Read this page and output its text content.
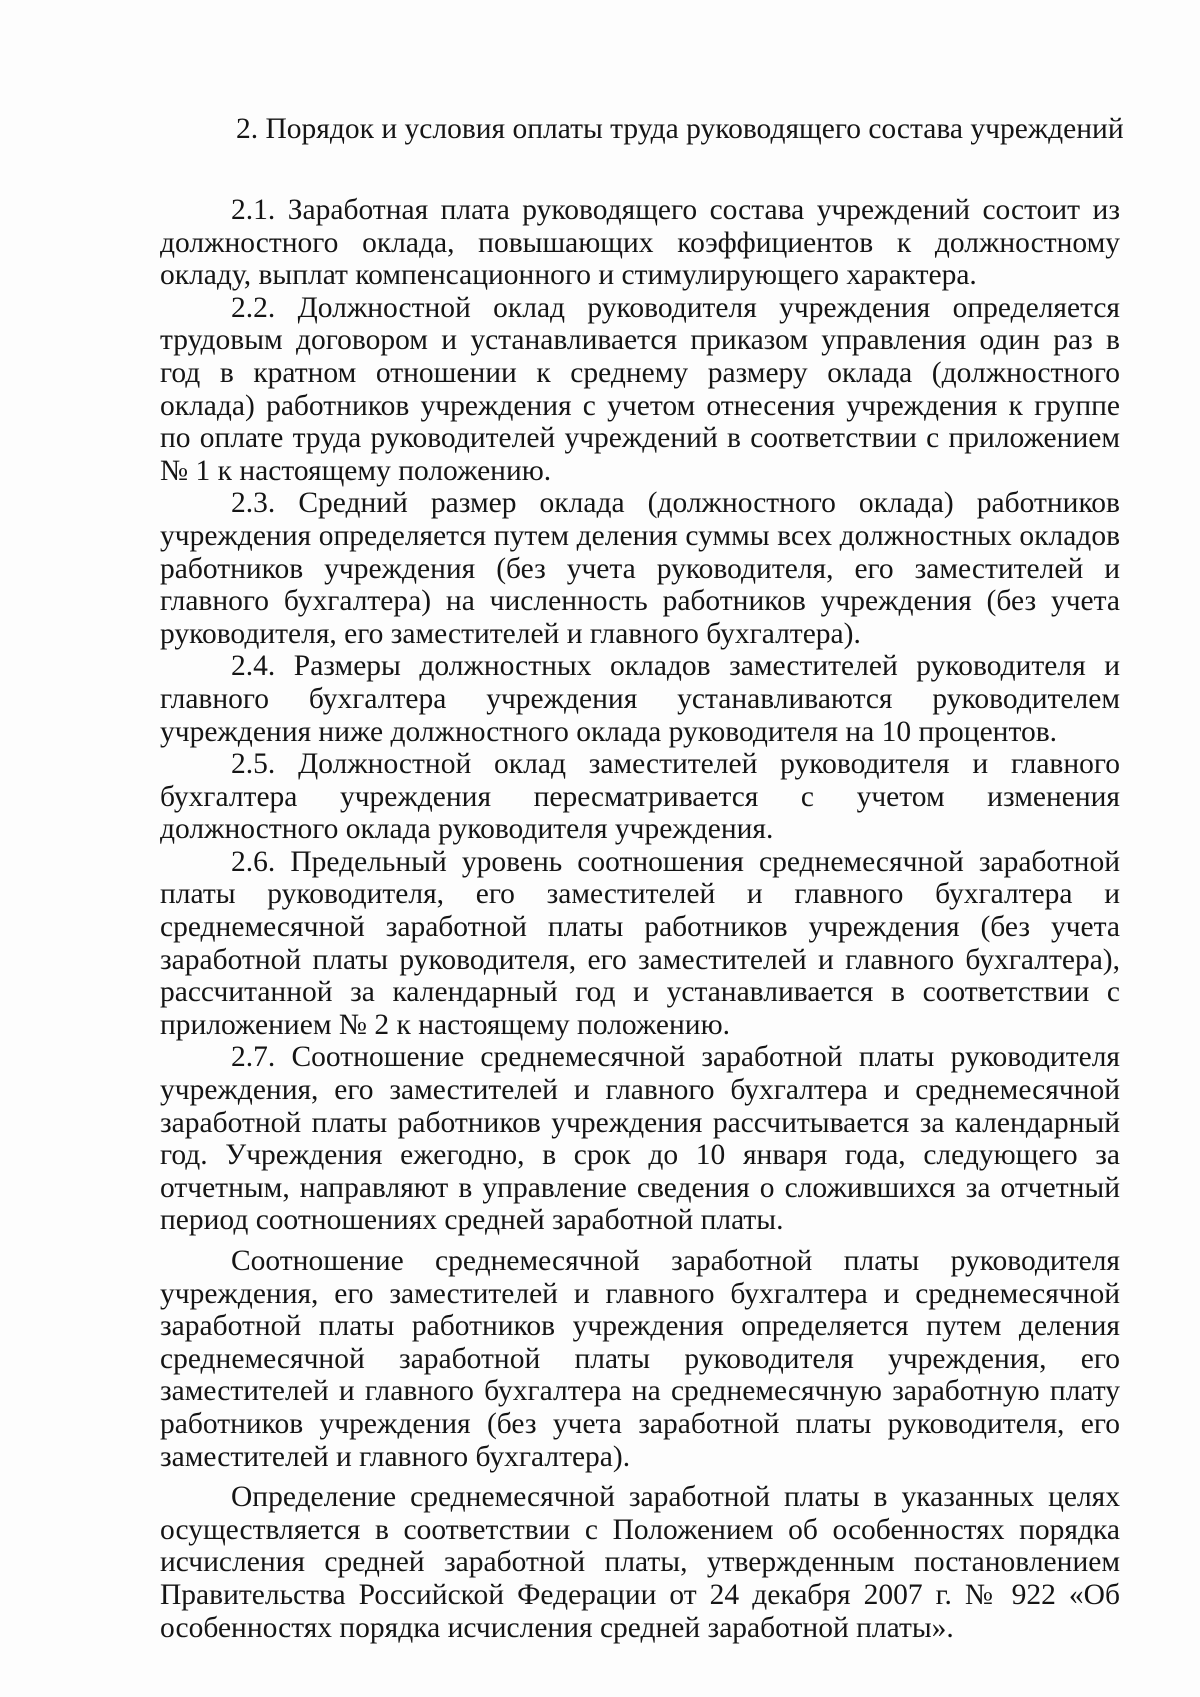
2. Порядок и условия оплаты труда руководящего состава учреждений

2.1. Заработная плата руководящего состава учреждений состоит из должностного оклада, повышающих коэффициентов к должностному окладу, выплат компенсационного и стимулирующего характера.

2.2. Должностной оклад руководителя учреждения определяется трудовым договором и устанавливается приказом управления один раз в год в кратном отношении к среднему размеру оклада (должностного оклада) работников учреждения с учетом отнесения учреждения к группе по оплате труда руководителей учреждений в соответствии с приложением № 1 к настоящему положению.

2.3. Средний размер оклада (должностного оклада) работников учреждения определяется путем деления суммы всех должностных окладов работников учреждения (без учета руководителя, его заместителей и главного бухгалтера) на численность работников учреждения (без учета руководителя, его заместителей и главного бухгалтера).

2.4. Размеры должностных окладов заместителей руководителя и главного бухгалтера учреждения устанавливаются руководителем учреждения ниже должностного оклада руководителя на 10 процентов.

2.5. Должностной оклад заместителей руководителя и главного бухгалтера учреждения пересматривается с учетом изменения должностного оклада руководителя учреждения.

2.6. Предельный уровень соотношения среднемесячной заработной платы руководителя, его заместителей и главного бухгалтера и среднемесячной заработной платы работников учреждения (без учета заработной платы руководителя, его заместителей и главного бухгалтера), рассчитанной за календарный год и устанавливается в соответствии с приложением № 2 к настоящему положению.

2.7. Соотношение среднемесячной заработной платы руководителя учреждения, его заместителей и главного бухгалтера и среднемесячной заработной платы работников учреждения рассчитывается за календарный год. Учреждения ежегодно, в срок до 10 января года, следующего за отчетным, направляют в управление сведения о сложившихся за отчетный период соотношениях средней заработной платы.

Соотношение среднемесячной заработной платы руководителя учреждения, его заместителей и главного бухгалтера и среднемесячной заработной платы работников учреждения определяется путем деления среднемесячной заработной платы руководителя учреждения, его заместителей и главного бухгалтера на среднемесячную заработную плату работников учреждения (без учета заработной платы руководителя, его заместителей и главного бухгалтера).

Определение среднемесячной заработной платы в указанных целях осуществляется в соответствии с Положением об особенностях порядка исчисления средней заработной платы, утвержденным постановлением Правительства Российской Федерации от 24 декабря 2007 г. № 922 «Об особенностях порядка исчисления средней заработной платы».
